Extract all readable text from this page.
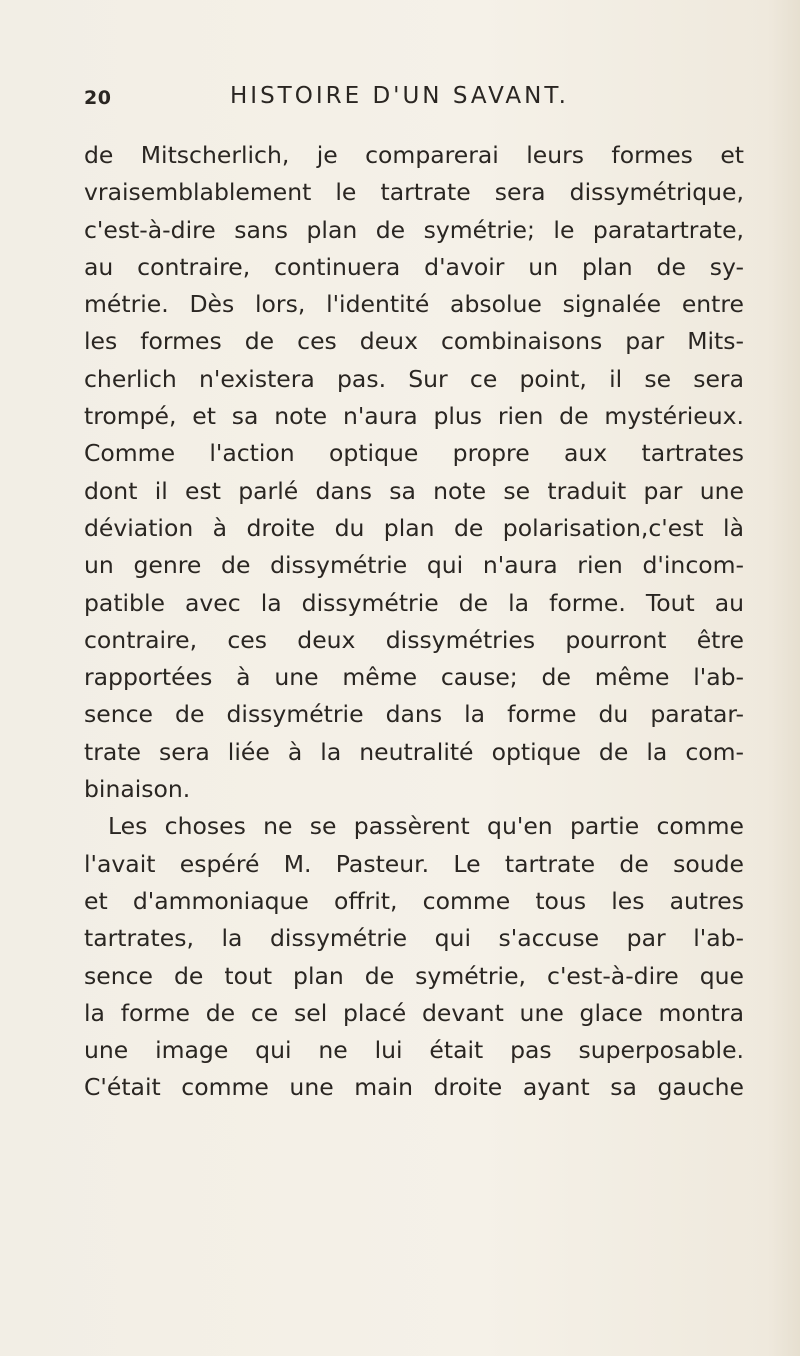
20	HISTOIRE D'UN SAVANT.
de Mitscherlich, je comparerai leurs formes et
vraisemblablement le tartrate sera dissymétrique,
c'est-à-dire sans plan de symétrie; le paratartrate,
au contraire, continuera d'avoir un plan de sy-
métrie. Dès lors, l'identité absolue signalée entre
les formes de ces deux combinaisons par Mits-
cherlich n'existera pas. Sur ce point, il se sera
trompé, et sa note n'aura plus rien de mystérieux.
Comme l'action optique propre aux tartrates
dont il est parlé dans sa note se traduit par une
déviation à droite du plan de polarisation,c'est là
un genre de dissymétrie qui n'aura rien d'incom-
patible avec la dissymétrie de la forme. Tout au
contraire, ces deux dissymétries pourront être
rapportées à une même cause; de même l'ab-
sence de dissymétrie dans la forme du paratar-
trate sera liée à la neutralité optique de la com-
binaison.
Les choses ne se passèrent qu'en partie comme
l'avait espéré M. Pasteur. Le tartrate de soude
et d'ammoniaque offrit, comme tous les autres
tartrates, la dissymétrie qui s'accuse par l'ab-
sence de tout plan de symétrie, c'est-à-dire que
la forme de ce sel placé devant une glace montra
une image qui ne lui était pas superposable.
C'était comme une main droite ayant sa gauche
